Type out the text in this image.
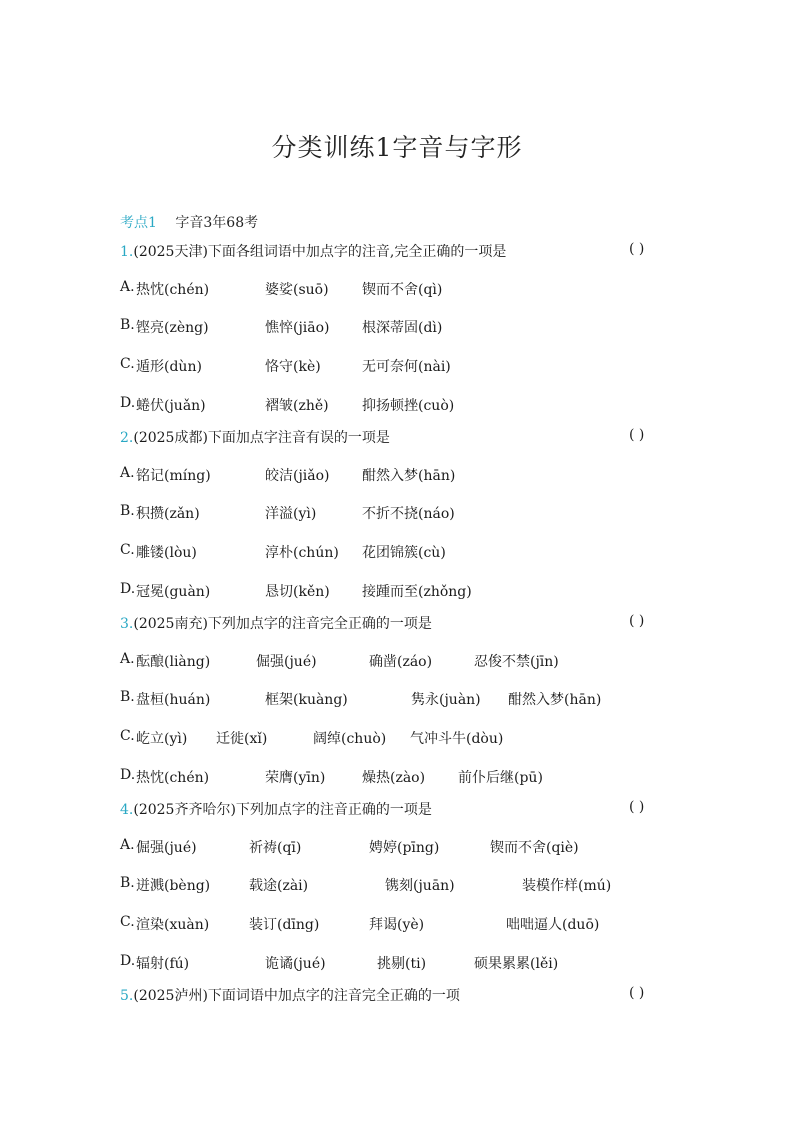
分类训练1字音与字形
考点1 字音3年68考
1.(2025天津)下面各组词语中加点字的注音,完全正确的一项是	( )
A. 热忱(chén)	婆娑(suō) 锲而不舍(qì)
B. 铿亮(zèng)	憔悴(jiāo) 根深蒂固(dì)
C. 遁形(dùn)	恪守(kè)	无可奈何(nài)
D. 蜷伏(juǎn)	褶皱(zhě) 抑扬顿挫(cuò)
2.(2025成都)下面加点字注音有误的一项是	( )
A. 铭记(míng)	皎洁(jiǎo) 酣然入梦(hān)
B. 积攒(zǎn)	洋溢(yì)	不折不挠(náo)
C. 雕镂(lòu)	淳朴(chún) 花团锦簇(cù)
D. 冠冕(guàn)	恳切(kěn) 接踵而至(zhǒng)
3.(2025南充)下列加点字的注音完全正确的一项是	( )
A. 酝酿(liàng)	倔强(jué)	确凿(záo)	忍俊不禁(jīn)
B. 盘桓(huán)	框架(kuàng)	隽永(juàn) 酣然入梦(hān)
C. 屹立(yì) 迁徙(xǐ)	阔绰(chuò) 气冲斗牛(dòu)
D. 热忱(chén)	荣膺(yīn)	燥热(zào) 前仆后继(pū)
4.(2025齐齐哈尔)下列加点字的注音正确的一项是	( )
A. 倔强(jué)	祈祷(qī)	娉婷(pīng)	锲而不舍(qiè)
B. 迸溅(bèng)	载途(zài)	镌刻(juān)	装模作样(mú)
C. 渲染(xuàn)	装订(dīng)	拜谒(yè)	咄咄逼人(duō)
D. 辐射(fú)	诡谲(jué)	挑剔(ti)	硕果累累(lěi)
5.(2025泸州)下面词语中加点字的注音完全正确的一项	( )
